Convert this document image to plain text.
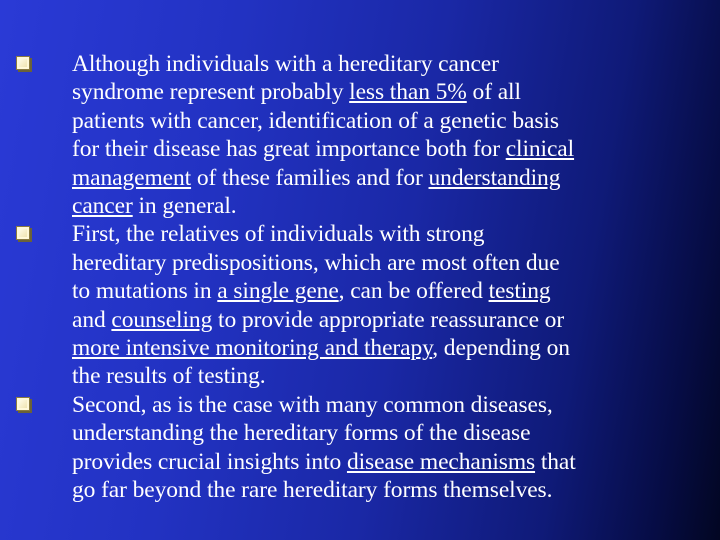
Although individuals with a hereditary cancer
syndrome represent probably less than 5% of all
patients with cancer, identification of a genetic basis
for their disease has great importance both for clinical
management of these families and for understanding
cancer in general.
First, the relatives of individuals with strong
hereditary predispositions, which are most often due
to mutations in a single gene, can be offered testing
and counseling to provide appropriate reassurance or
more intensive monitoring and therapy, depending on
the results of testing.
Second, as is the case with many common diseases,
understanding the hereditary forms of the disease
provides crucial insights into disease mechanisms that
go far beyond the rare hereditary forms themselves.
